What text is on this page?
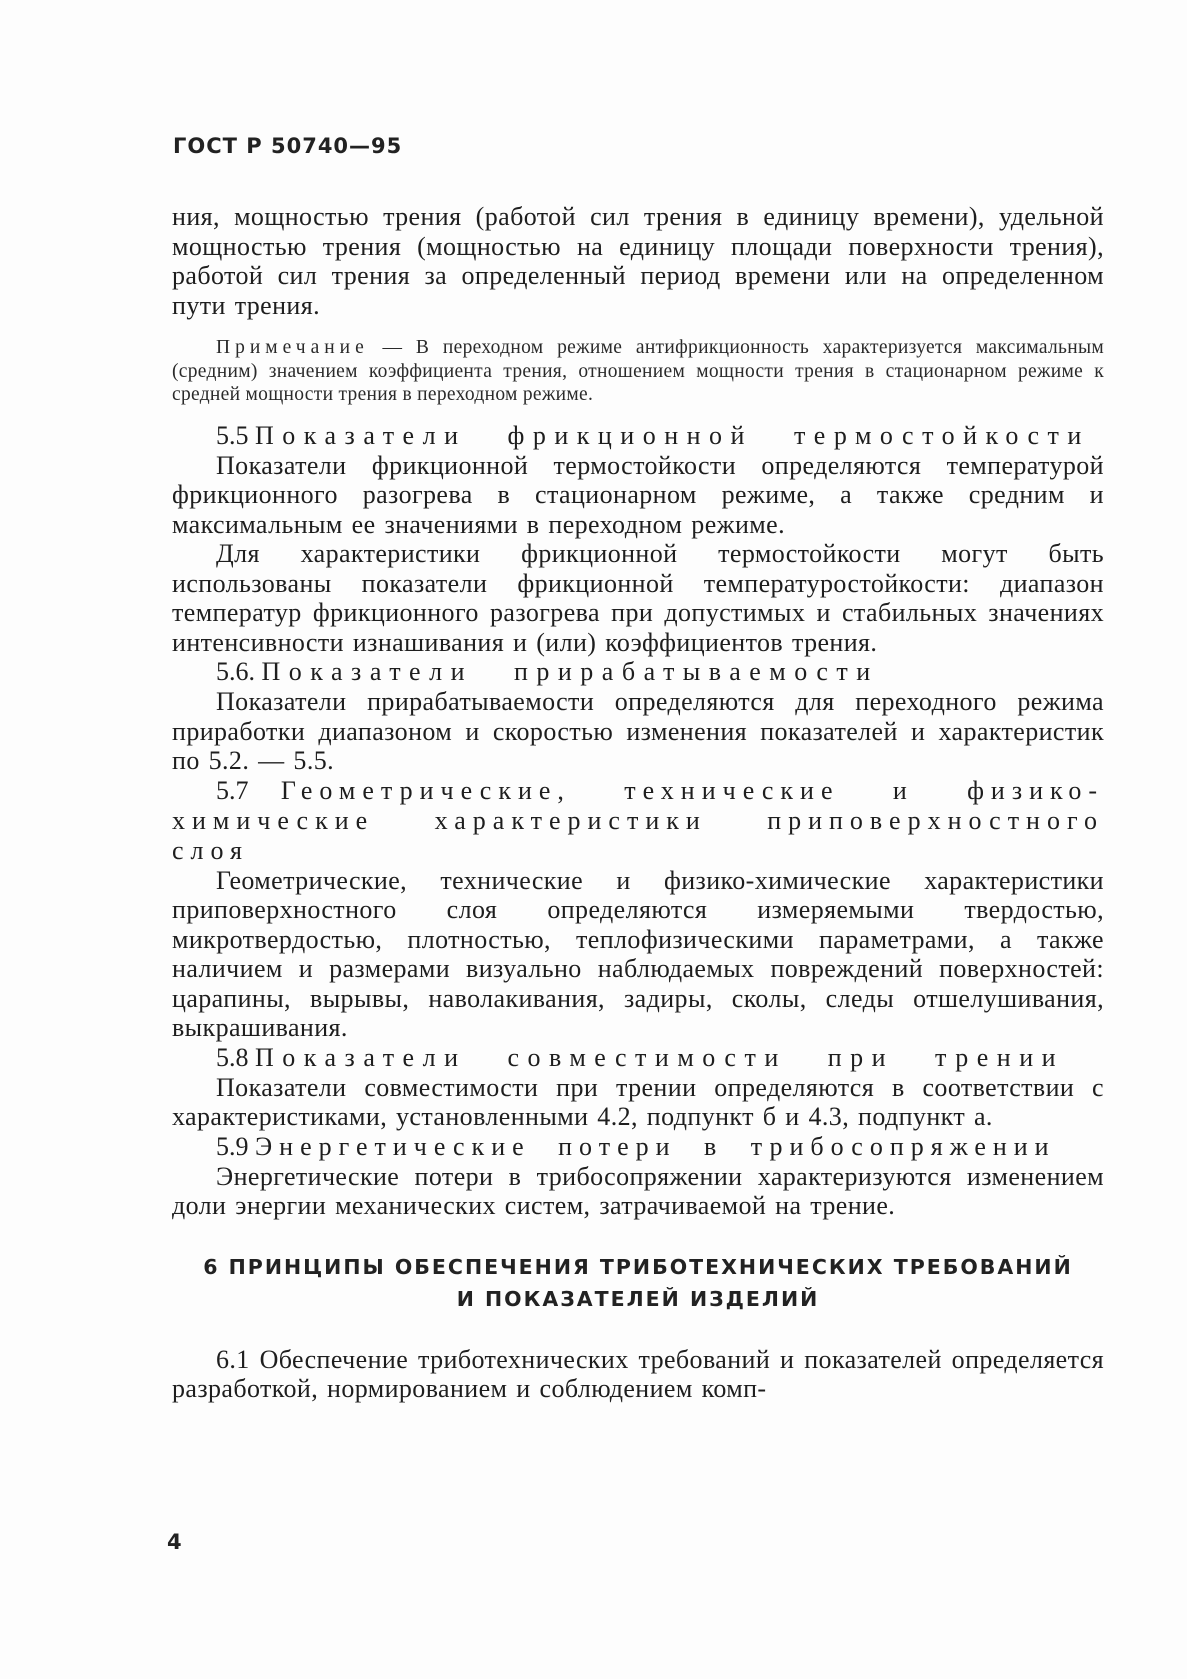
ГОСТ Р 50740—95

ния, мощностью трения (работой сил трения в единицу времени), удельной мощностью трения (мощностью на единицу площади поверхности трения), работой сил трения за определенный период времени или на определенном пути трения.

Примечание — В переходном режиме антифрикционность характеризуется максимальным (средним) значением коэффициента трения, отношением мощности трения в стационарном режиме к средней мощности трения в переходном режиме.

5.5 Показатели фрикционной термостойкости

Показатели фрикционной термостойкости определяются температурой фрикционного разогрева в стационарном режиме, а также средним и максимальным ее значениями в переходном режиме.

Для характеристики фрикционной термостойкости могут быть использованы показатели фрикционной температуростойкости: диапазон температур фрикционного разогрева при допустимых и стабильных значениях интенсивности изнашивания и (или) коэффициентов трения.

5.6. Показатели прирабатываемости

Показатели прирабатываемости определяются для переходного режима приработки диапазоном и скоростью изменения показателей и характеристик по 5.2. — 5.5.

5.7 Геометрические, технические и физико-химические характеристики приповерхностного слоя

Геометрические, технические и физико-химические характеристики приповерхностного слоя определяются измеряемыми твердостью, микротвердостью, плотностью, теплофизическими параметрами, а также наличием и размерами визуально наблюдаемых повреждений поверхностей: царапины, вырывы, наволакивания, задиры, сколы, следы отшелушивания, выкрашивания.

5.8 Показатели совместимости при трении

Показатели совместимости при трении определяются в соответствии с характеристиками, установленными 4.2, подпункт б и 4.3, подпункт а.

5.9 Энергетические потери в трибосопряжении

Энергетические потери в трибосопряжении характеризуются изменением доли энергии механических систем, затрачиваемой на трение.

6 ПРИНЦИПЫ ОБЕСПЕЧЕНИЯ ТРИБОТЕХНИЧЕСКИХ ТРЕБОВАНИЙ
И ПОКАЗАТЕЛЕЙ ИЗДЕЛИЙ

6.1 Обеспечение триботехнических требований и показателей определяется разработкой, нормированием и соблюдением комп-

4
